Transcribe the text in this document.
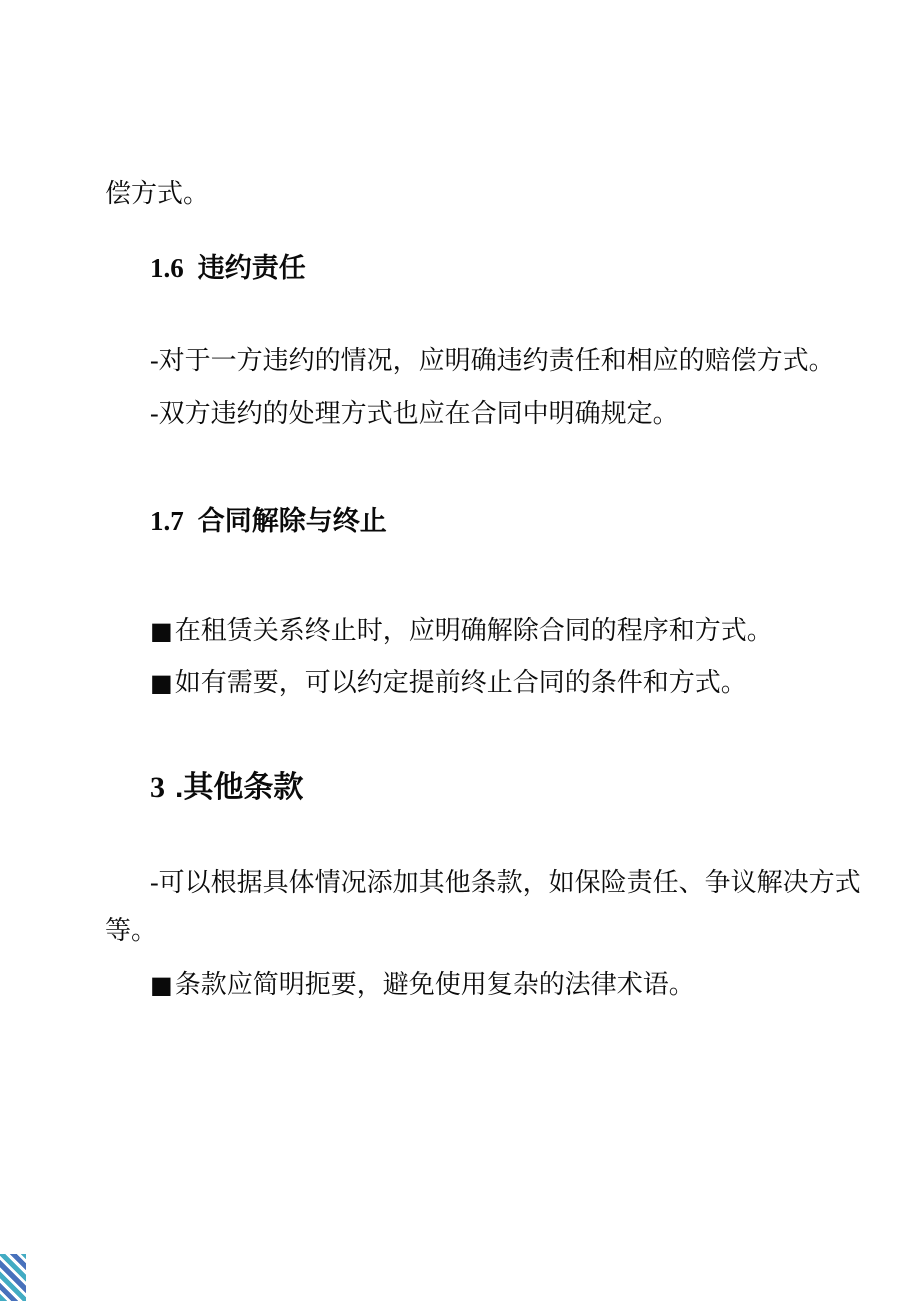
偿方式。
1.6 违约责任
-对于一方违约的情况，应明确违约责任和相应的赔偿方式。
-双方违约的处理方式也应在合同中明确规定。
1.7 合同解除与终止
■在租赁关系终止时，应明确解除合同的程序和方式。
■如有需要，可以约定提前终止合同的条件和方式。
3 .其他条款
-可以根据具体情况添加其他条款，如保险责任、争议解决方式
等。
■条款应简明扼要，避免使用复杂的法律术语。
